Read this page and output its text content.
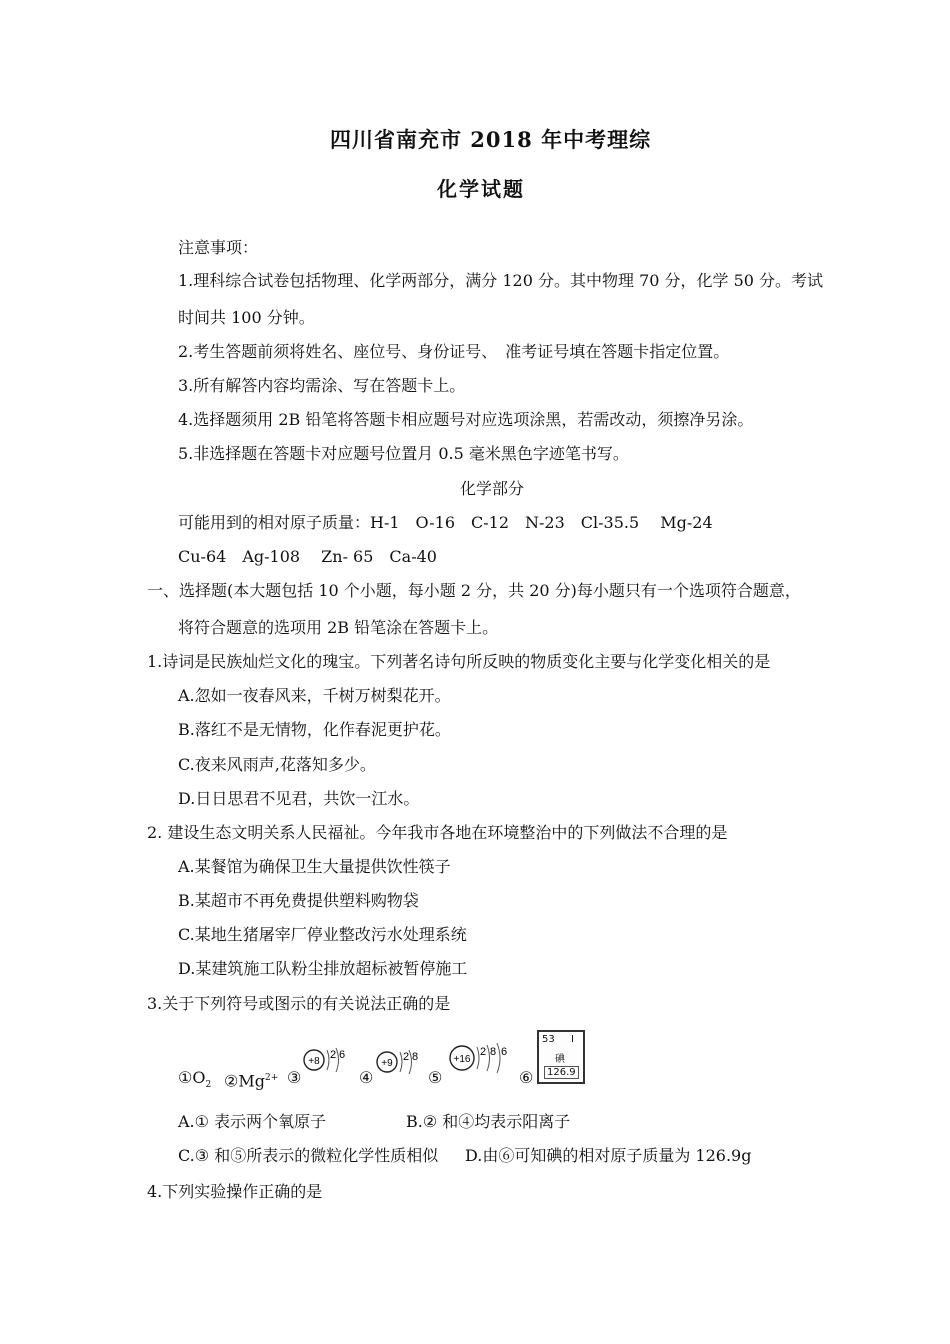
四川省南充市 2018 年中考理综
化学试题
注意事项：
1.理科综合试卷包括物理、化学两部分，满分 120 分。其中物理 70 分，化学 50 分。考试
时间共 100 分钟。
2.考生答题前须将姓名、座位号、身份证号、　准考证号填在答题卡指定位置。
3.所有解答内容均需涂、写在答题卡上。
4.选择题须用 2B 铅笔将答题卡相应题号对应选项涂黑，若需改动，须擦净另涂。
5.非选择题在答题卡对应题号位置月 0.5 毫米黑色字迹笔书写。
化学部分
可能用到的相对原子质量：H-1　O-16　C-12　N-23　Cl-35.5　 Mg-24
Cu-64　Ag-108　 Zn- 65　Ca-40
一、选择题(本大题包括 10 个小题，每小题 2 分，共 20 分)每小题只有一个选项符合题意，
将符合题意的选项用 2B 铅笔涂在答题卡上。
1.诗词是民族灿烂文化的瑰宝。下列著名诗句所反映的物质变化主要与化学变化相关的是
A.忽如一夜春风来，千树万树梨花开。
B.落红不是无情物，化作春泥更护花。
C.夜来风雨声,花落知多少。
D.日日思君不见君，共饮一江水。
2. 建设生态文明关系人民福祉。今年我市各地在环境整治中的下列做法不合理的是
A.某餐馆为确保卫生大量提供饮性筷子
B.某超市不再免费提供塑料购物袋
C.某地生猪屠宰厂停业整改污水处理系统
D.某建筑施工队粉尘排放超标被暂停施工
3.关于下列符号或图示的有关说法正确的是
$①O_2$ $②Mg^{2+}$ ③	④	⑤	⑥
+8
2 6
+9
2 8	+16
2 8 6
53 I
碘
126.9
A.① 表示两个氧原子	B.② 和④均表示阳离子
C.③ 和⑤所表示的微粒化学性质相似 D.由⑥可知碘的相对原子质量为 126.9g
4.下列实验操作正确的是
